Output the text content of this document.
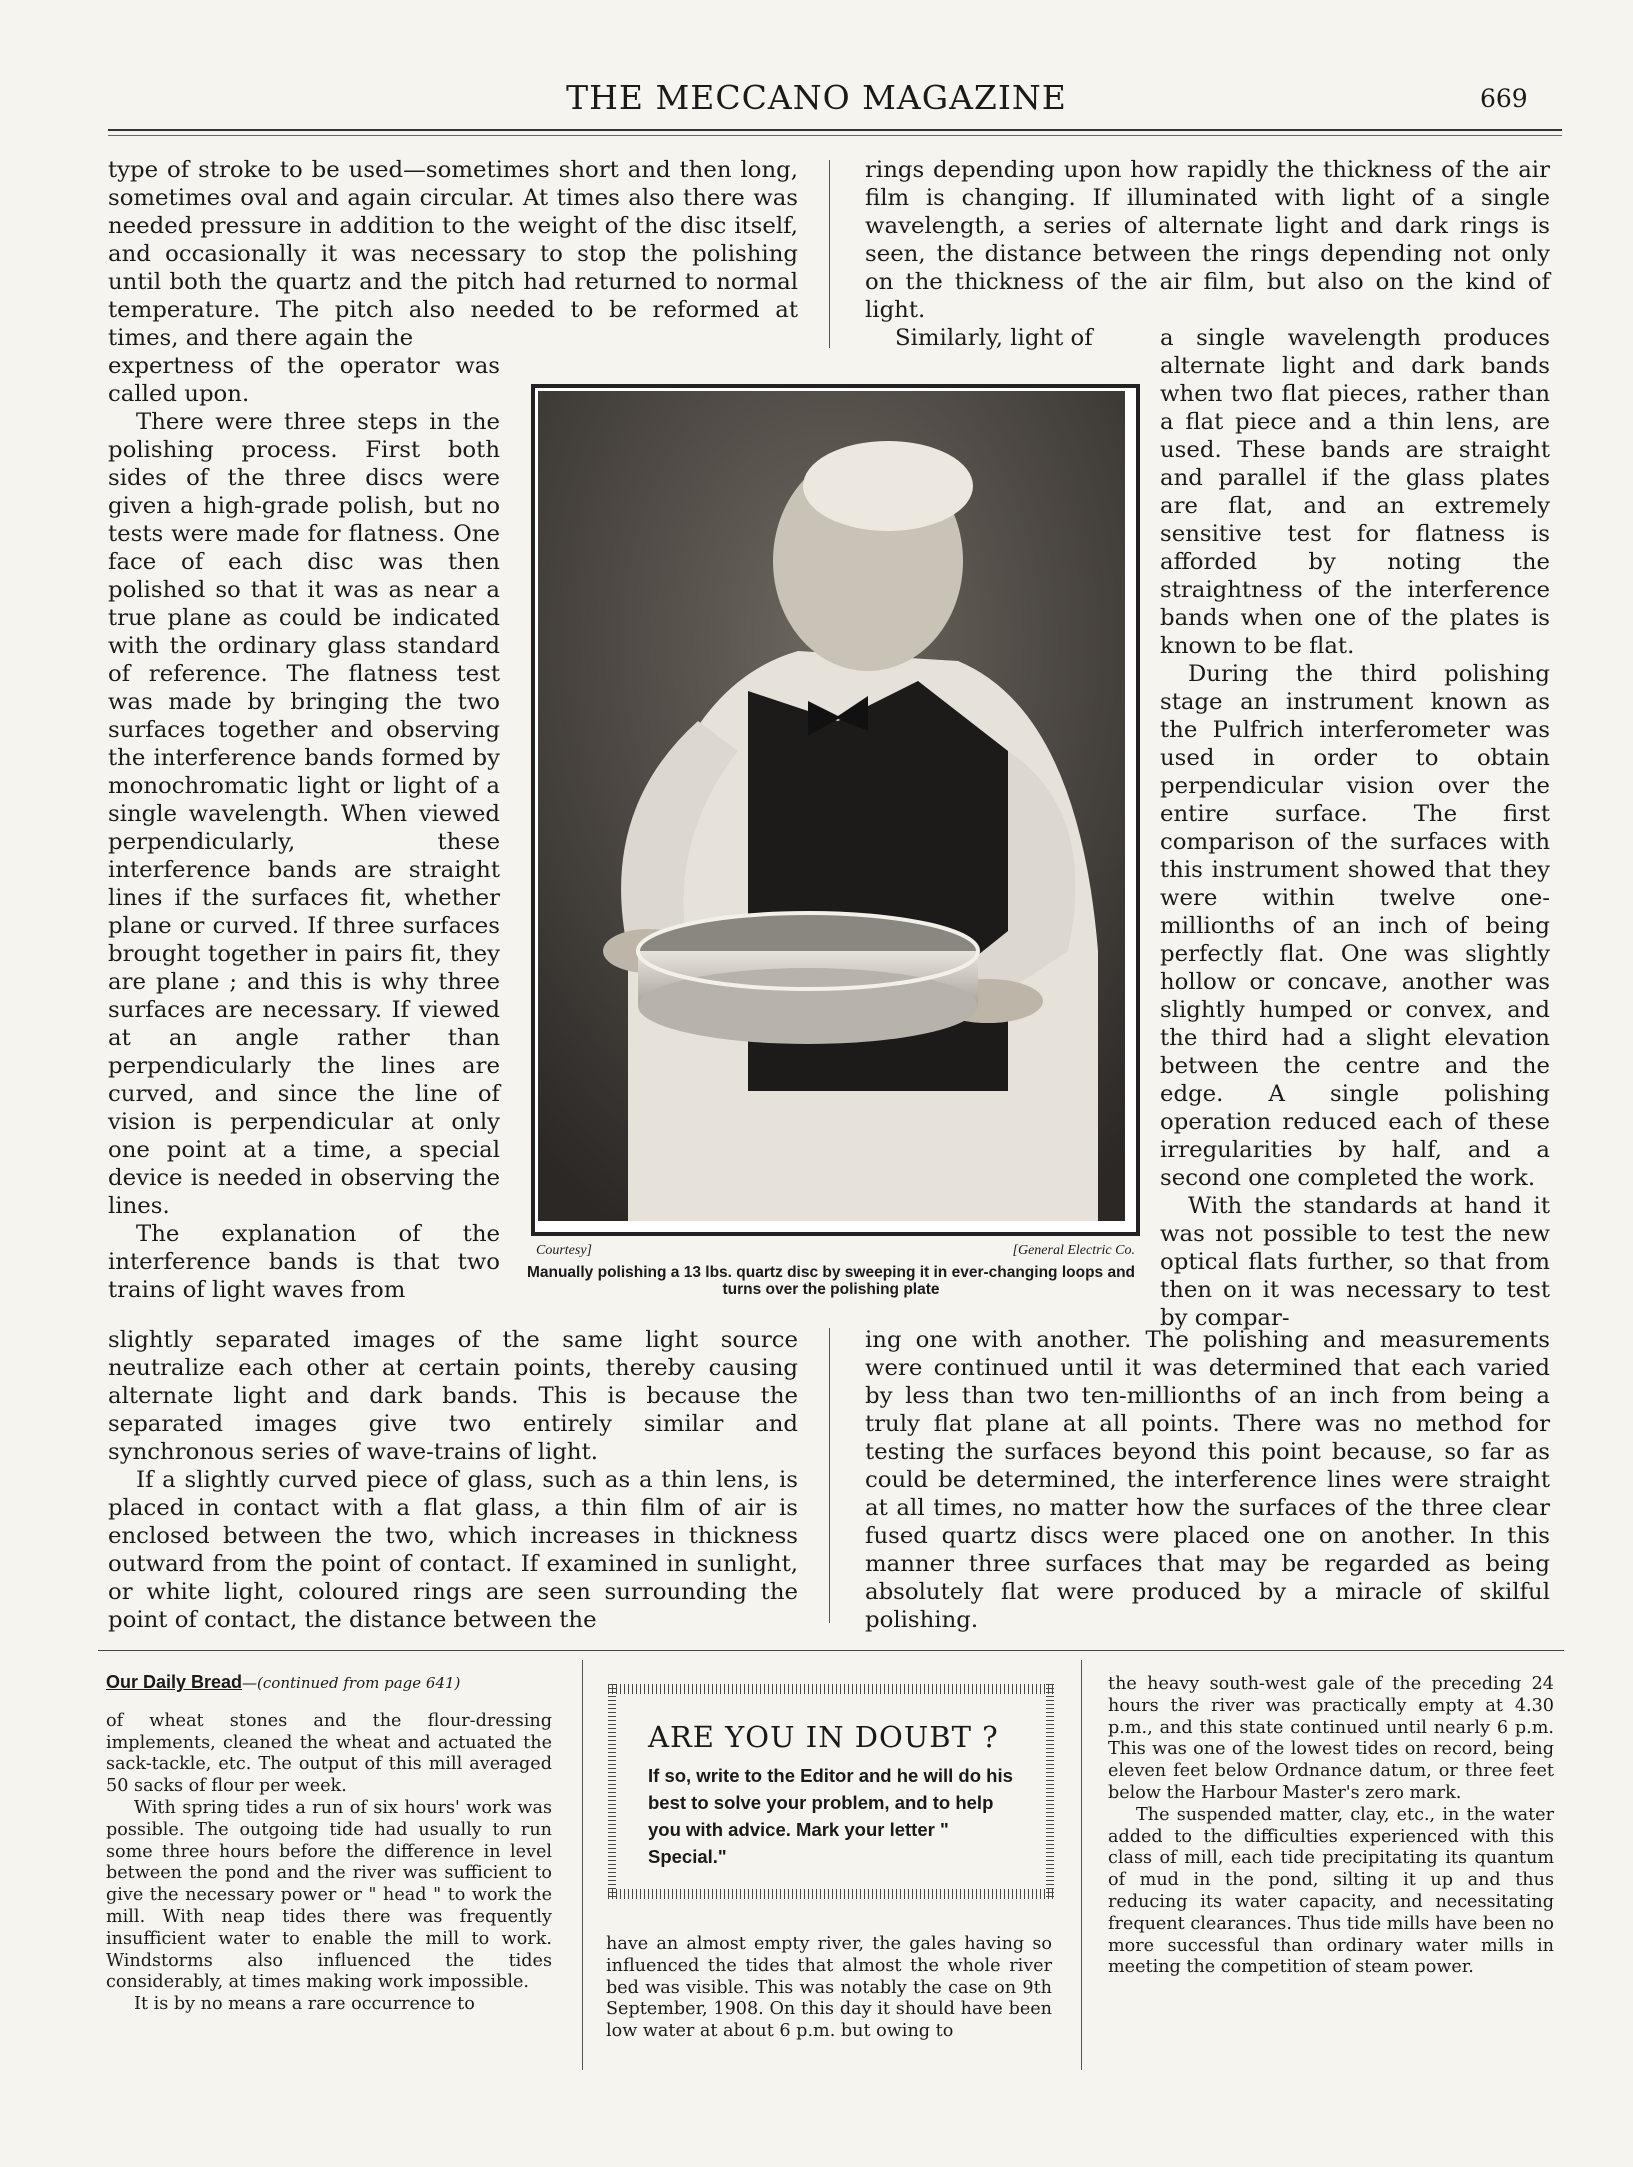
THE MECCANO MAGAZINE	669

type of stroke to be used—sometimes short and then long, sometimes oval and again circular. At times also there was needed pressure in addition to the weight of the disc itself, and occasionally it was necessary to stop the polishing until both the quartz and the pitch had returned to normal temperature. The pitch also needed to be reformed at times, and there again the

expertness of the operator was called upon.

There were three steps in the polishing process. First both sides of the three discs were given a high-grade polish, but no tests were made for flatness. One face of each disc was then polished so that it was as near a true plane as could be indicated with the ordinary glass standard of reference. The flatness test was made by bringing the two surfaces together and observing the interference bands formed by monochromatic light or light of a single wavelength. When viewed perpendicularly, these interference bands are straight lines if the surfaces fit, whether plane or curved. If three surfaces brought together in pairs fit, they are plane ; and this is why three surfaces are necessary. If viewed at an angle rather than perpendicularly the lines are curved, and since the line of vision is perpendicular at only one point at a time, a special device is needed in observing the lines.

The explanation of the interference bands is that two trains of light waves from

slightly separated images of the same light source neutralize each other at certain points, thereby causing alternate light and dark bands. This is because the separated images give two entirely similar and synchronous series of wave-trains of light.

If a slightly curved piece of glass, such as a thin lens, is placed in contact with a flat glass, a thin film of air is enclosed between the two, which increases in thickness outward from the point of contact. If examined in sunlight, or white light, coloured rings are seen surrounding the point of contact, the distance between the

rings depending upon how rapidly the thickness of the air film is changing. If illuminated with light of a single wavelength, a series of alternate light and dark rings is seen, the distance between the rings depending not only on the thickness of the air film, but also on the kind of light.

Similarly, light of	a single wavelength produces alternate light and dark bands when two flat pieces, rather than a flat piece and a thin lens, are used. These bands are straight and parallel if the glass plates are flat, and an extremely sensitive test for flatness is afforded by noting the straightness of the interference bands when one of the plates is known to be flat.

During the third polishing stage an instrument known as the Pulfrich interferometer was used in order to obtain perpendicular vision over the entire surface. The first comparison of the surfaces with this instrument showed that they were within twelve one-millionths of an inch of being perfectly flat. One was slightly hollow or concave, another was slightly humped or convex, and the third had a slight elevation between the centre and the edge. A single polishing operation reduced each of these irregularities by half, and a second one completed the work.

With the standards at hand it was not possible to test the new optical flats further, so that from then on it was necessary to test by compar-

ing one with another. The polishing and measurements were continued until it was determined that each varied by less than two ten-millionths of an inch from being a truly flat plane at all points. There was no method for testing the surfaces beyond this point because, so far as could be determined, the interference lines were straight at all times, no matter how the surfaces of the three clear fused quartz discs were placed one on another. In this manner three surfaces that may be regarded as being absolutely flat were produced by a miracle of skilful polishing.

Courtesy]	[General Electric Co.
Manually polishing a 13 lbs. quartz disc by sweeping it in ever-changing loops and turns over the polishing plate

Our Daily Bread—(continued from page 641)

of wheat stones and the flour-dressing implements, cleaned the wheat and actuated the sack-tackle, etc. The output of this mill averaged 50 sacks of flour per week.

With spring tides a run of six hours' work was possible. The outgoing tide had usually to run some three hours before the difference in level between the pond and the river was sufficient to give the necessary power or " head " to work the mill. With neap tides there was frequently insufficient water to enable the mill to work. Windstorms also influenced the tides considerably, at times making work impossible.

It is by no means a rare occurrence to

ARE YOU IN DOUBT ?
If so, write to the Editor and he will do his best to solve your problem, and to help you with advice. Mark your letter " Special."

have an almost empty river, the gales having so influenced the tides that almost the whole river bed was visible. This was notably the case on 9th September, 1908. On this day it should have been low water at about 6 p.m. but owing to

the heavy south-west gale of the preceding 24 hours the river was practically empty at 4.30 p.m., and this state continued until nearly 6 p.m. This was one of the lowest tides on record, being eleven feet below Ordnance datum, or three feet below the Harbour Master's zero mark.

The suspended matter, clay, etc., in the water added to the difficulties experienced with this class of mill, each tide precipitating its quantum of mud in the pond, silting it up and thus reducing its water capacity, and necessitating frequent clearances. Thus tide mills have been no more successful than ordinary water mills in meeting the competition of steam power.
